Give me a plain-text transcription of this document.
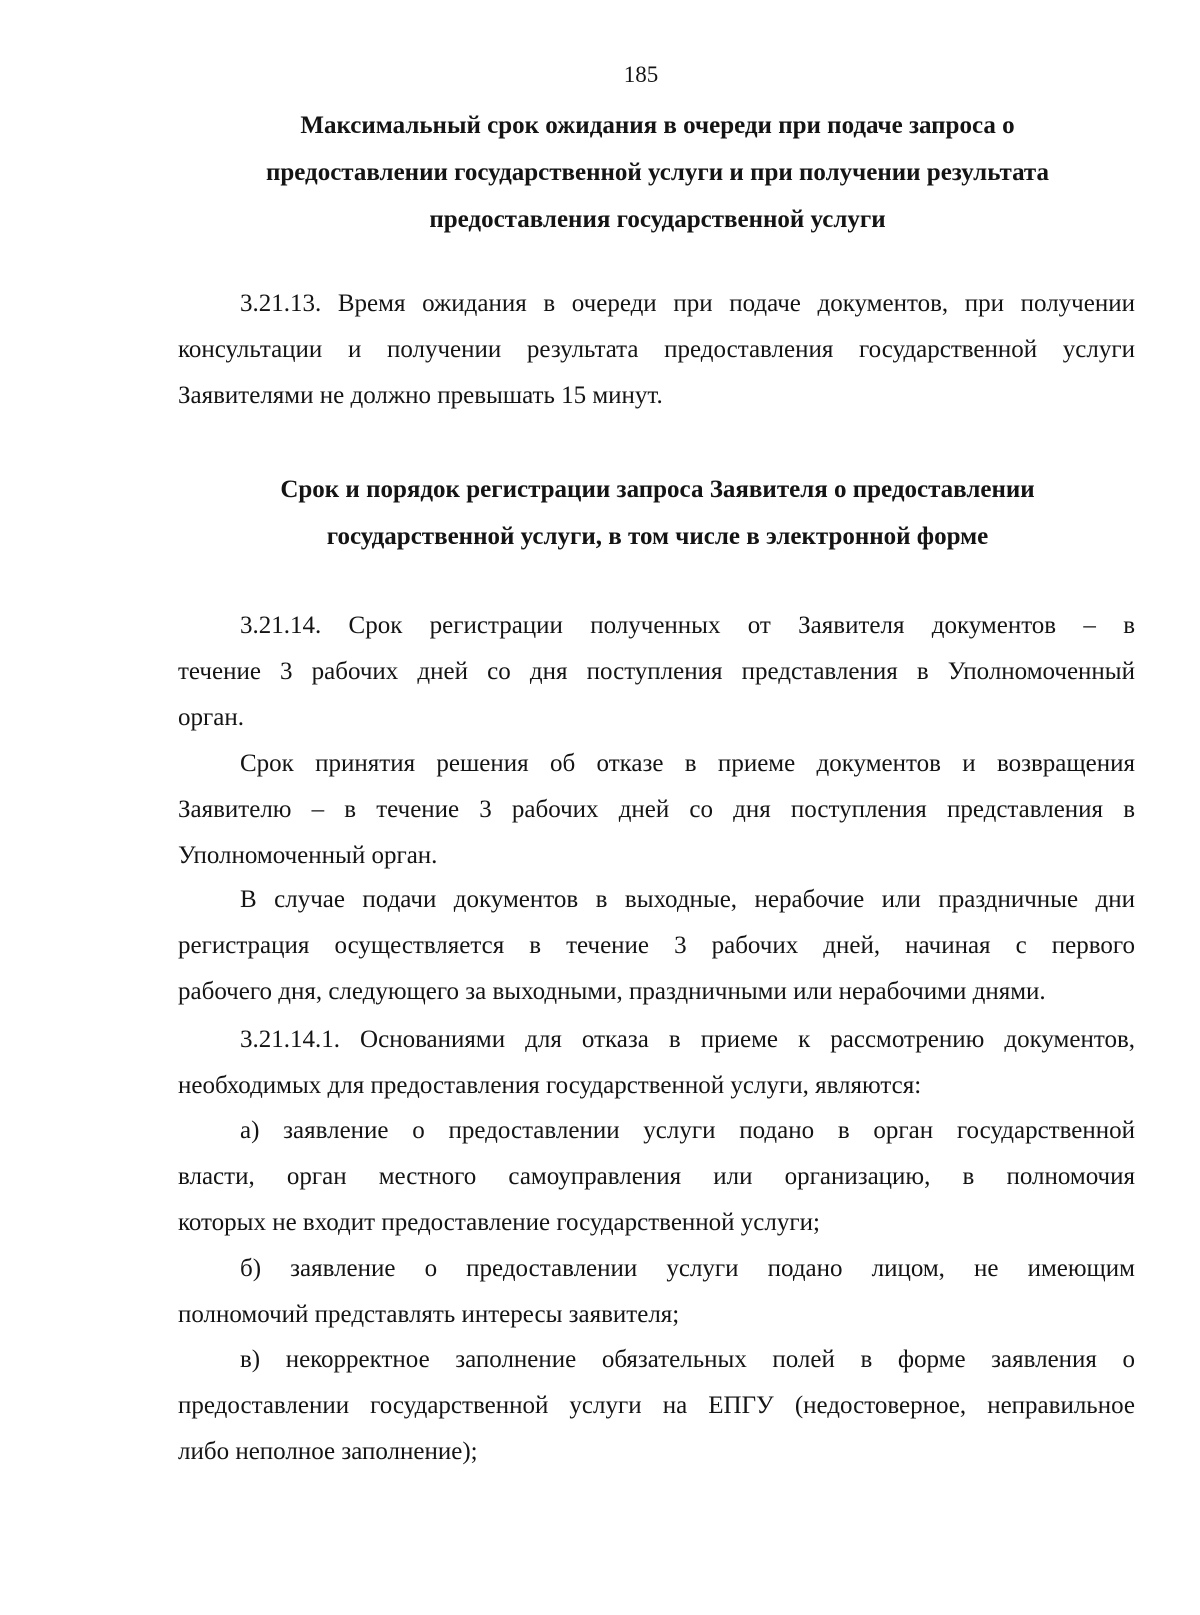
185
Максимальный срок ожидания в очереди при подаче запроса о
предоставлении государственной услуги и при получении результата
предоставления государственной услуги
3.21.13. Время ожидания в очереди при подаче документов, при получении
консультации и получении результата предоставления государственной услуги
Заявителями не должно превышать 15 минут.
Срок и порядок регистрации запроса Заявителя о предоставлении
государственной услуги, в том числе в электронной форме
3.21.14. Срок регистрации полученных от Заявителя документов – в
течение 3 рабочих дней со дня поступления представления в Уполномоченный
орган.
Срок принятия решения об отказе в приеме документов и возвращения
Заявителю – в течение 3 рабочих дней со дня поступления представления в
Уполномоченный орган.
В случае подачи документов в выходные, нерабочие или праздничные дни
регистрация осуществляется в течение 3 рабочих дней, начиная с первого
рабочего дня, следующего за выходными, праздничными или нерабочими днями.
3.21.14.1. Основаниями для отказа в приеме к рассмотрению документов,
необходимых для предоставления государственной услуги, являются:
а) заявление о предоставлении услуги подано в орган государственной
власти, орган местного самоуправления или организацию, в полномочия
которых не входит предоставление государственной услуги;
б) заявление о предоставлении услуги подано лицом, не имеющим
полномочий представлять интересы заявителя;
в) некорректное заполнение обязательных полей в форме заявления о
предоставлении государственной услуги на ЕПГУ (недостоверное, неправильное
либо неполное заполнение);
